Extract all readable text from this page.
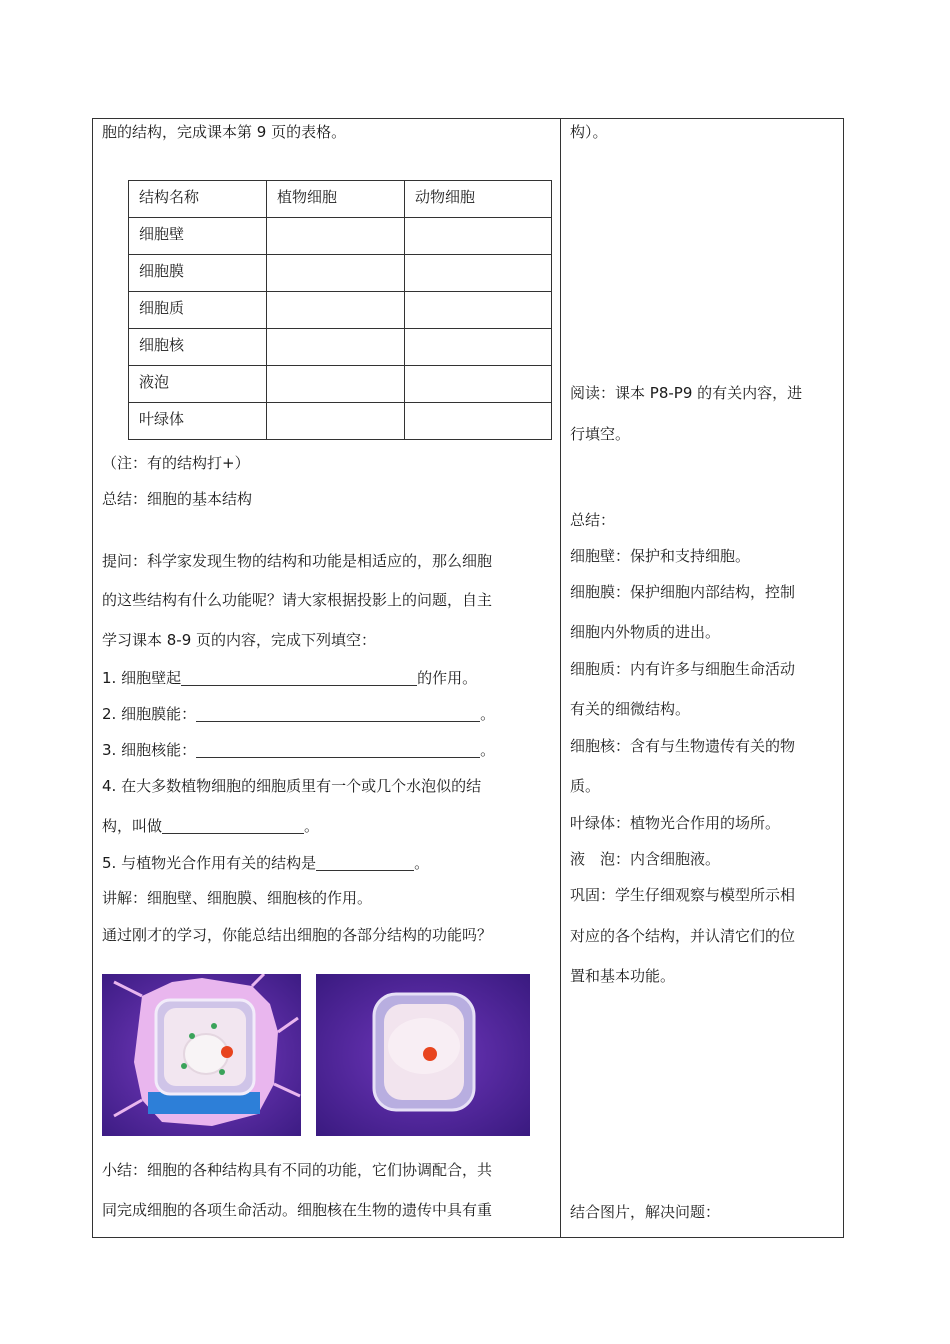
胞的结构，完成课本第 9 页的表格。
结构名称	植物细胞	动物细胞
细胞壁		
细胞膜		
细胞质		
细胞核		
液泡		
叶绿体		
（注：有的结构打+）
总结：细胞的基本结构
提问：科学家发现生物的结构和功能是相适应的，那么细胞
的这些结构有什么功能呢？请大家根据投影上的问题，自主
学习课本 8-9 页的内容，完成下列填空：
1. 细胞壁起	的作用。
2. 细胞膜能：	。
3. 细胞核能：	。
4. 在大多数植物细胞的细胞质里有一个或几个水泡似的结
构，叫做	。
5. 与植物光合作用有关的结构是	。
讲解：细胞壁、细胞膜、细胞核的作用。
通过刚才的学习，你能总结出细胞的各部分结构的功能吗？
小结：细胞的各种结构具有不同的功能，它们协调配合，共
同完成细胞的各项生命活动。细胞核在生物的遗传中具有重
构）。
阅读：课本 P8-P9 的有关内容，进
行填空。
总结：
细胞壁：保护和支持细胞。
细胞膜：保护细胞内部结构，控制
细胞内外物质的进出。
细胞质：内有许多与细胞生命活动
有关的细微结构。
细胞核：含有与生物遗传有关的物
质。
叶绿体：植物光合作用的场所。
液　泡：内含细胞液。
巩固：学生仔细观察与模型所示相
对应的各个结构，并认清它们的位
置和基本功能。
结合图片，解决问题：
